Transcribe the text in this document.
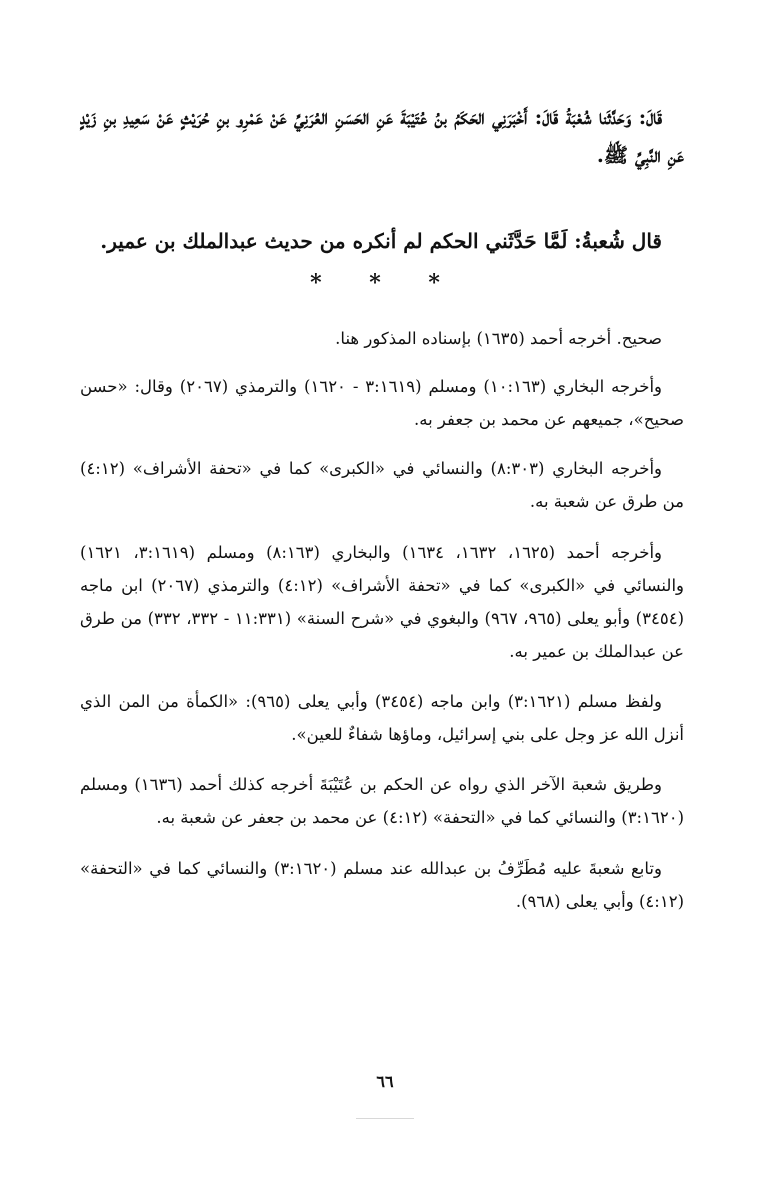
قَالَ: وَحَدَّثَنا شُعْبَةُ قَالَ: أَخْبَرَنِي الحَكَمُ بنُ عُتَيْبَةَ عَنِ الحَسَنِ العُرَنِيِّ عَنْ عَمْرِو بنِ حُرَيْثٍ عَنْ سَعِيدِ بنِ زَيْدٍ عَنِ النَّبِيِّ ﷺ.

قال شُعبةُ: لَمَّا حَدَّثَني الحكم لم أنكره من حديث عبدالملك بن عمير.

* * *

صحيح. أخرجه أحمد (١٦٣٥) بإسناده المذكور هنا.

وأخرجه البخاري (١٠:١٦٣) ومسلم (٣:١٦١٩ - ١٦٢٠) والترمذي (٢٠٦٧) وقال: «حسن صحيح»، جميعهم عن محمد بن جعفر به.

وأخرجه البخاري (٨:٣٠٣) والنسائي في «الكبرى» كما في «تحفة الأشراف» (٤:١٢) من طرق عن شعبة به.

وأخرجه أحمد (١٦٢٥، ١٦٣٢، ١٦٣٤) والبخاري (٨:١٦٣) ومسلم (٣:١٦١٩، ١٦٢١) والنسائي في «الكبرى» كما في «تحفة الأشراف» (٤:١٢) والترمذي (٢٠٦٧) ابن ماجه (٣٤٥٤) وأبو يعلى (٩٦٥، ٩٦٧) والبغوي في «شرح السنة» (١١:٣٣١ - ٣٣٢، ٣٣٢) من طرق عن عبدالملك بن عمير به.

ولفظ مسلم (٣:١٦٢١) وابن ماجه (٣٤٥٤) وأبي يعلى (٩٦٥): «الكمأة من المن الذي أنزل الله عز وجل على بني إسرائيل، وماؤها شفاءٌ للعين».

وطريق شعبة الآخر الذي رواه عن الحكم بن عُتَيْبَةَ أخرجه كذلك أحمد (١٦٣٦) ومسلم (٣:١٦٢٠) والنسائي كما في «التحفة» (٤:١٢) عن محمد بن جعفر عن شعبة به.

وتابع شعبةَ عليه مُطَرِّفُ بن عبدالله عند مسلم (٣:١٦٢٠) والنسائي كما في «التحفة» (٤:١٢) وأبي يعلى (٩٦٨).

٦٦
